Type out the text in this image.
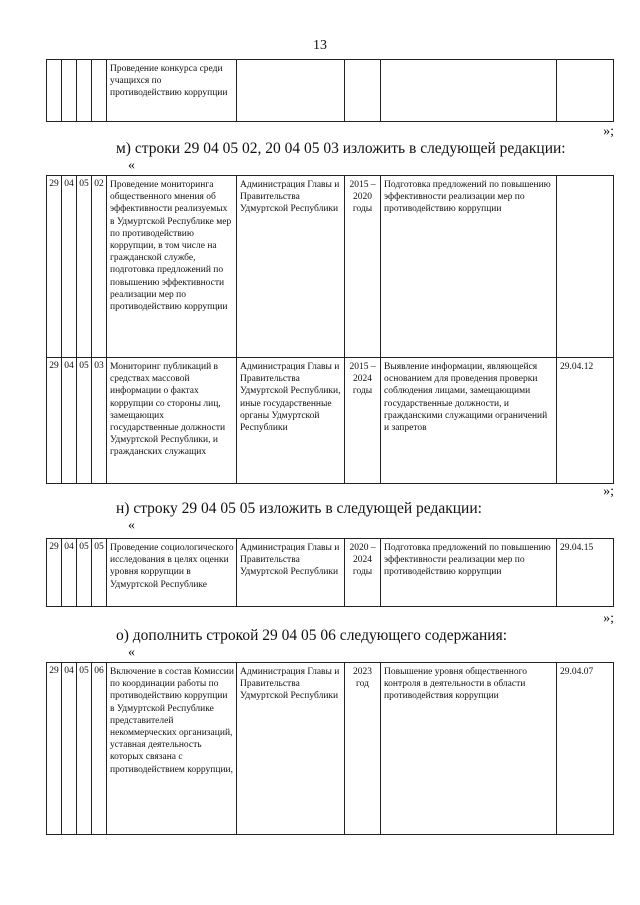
13
				Проведение конкурса среди учащихся по противодействию коррупции				
»;
м) строки 29 04 05 02, 20 04 05 03 изложить в следующей редакции:
«
29	04	05	02	Проведение мониторинга общественного мнения об эффективности реализуемых в Удмуртской Республике мер по противодействию коррупции, в том числе на гражданской службе, подготовка предложений по повышению эффективности реализации мер по противодействию коррупции	Администрация Главы и Правительства Удмуртской Республики	2015 – 2020 годы	Подготовка предложений по повышению эффективности реализации мер по противодействию коррупции	
29	04	05	03	Мониторинг публикаций в средствах массовой информации о фактах коррупции со стороны лиц, замещающих государственные должности Удмуртской Республики, и гражданских служащих	Администрация Главы и Правительства Удмуртской Республики, иные государственные органы Удмуртской Республики	2015 – 2024 годы	Выявление информации, являющейся основанием для проведения проверки соблюдения лицами, замещающими государственные должности, и гражданскими служащими ограничений и запретов	29.04.12
»;
н) строку 29 04 05 05 изложить в следующей редакции:
«
29	04	05	05	Проведение социологического исследования в целях оценки уровня коррупции в Удмуртской Республике	Администрация Главы и Правительства Удмуртской Республики	2020 – 2024 годы	Подготовка предложений по повышению эффективности реализации мер по противодействию коррупции	29.04.15
»;
о) дополнить строкой 29 04 05 06 следующего содержания:
«
29	04	05	06	Включение в состав Комиссии по координации работы по противодействию коррупции в Удмуртской Республике представителей некоммерческих организаций, уставная деятельность которых связана с противодействием коррупции,	Администрация Главы и Правительства Удмуртской Республики	2023 год	Повышение уровня общественного контроля в деятельности в области противодействия коррупции	29.04.07
